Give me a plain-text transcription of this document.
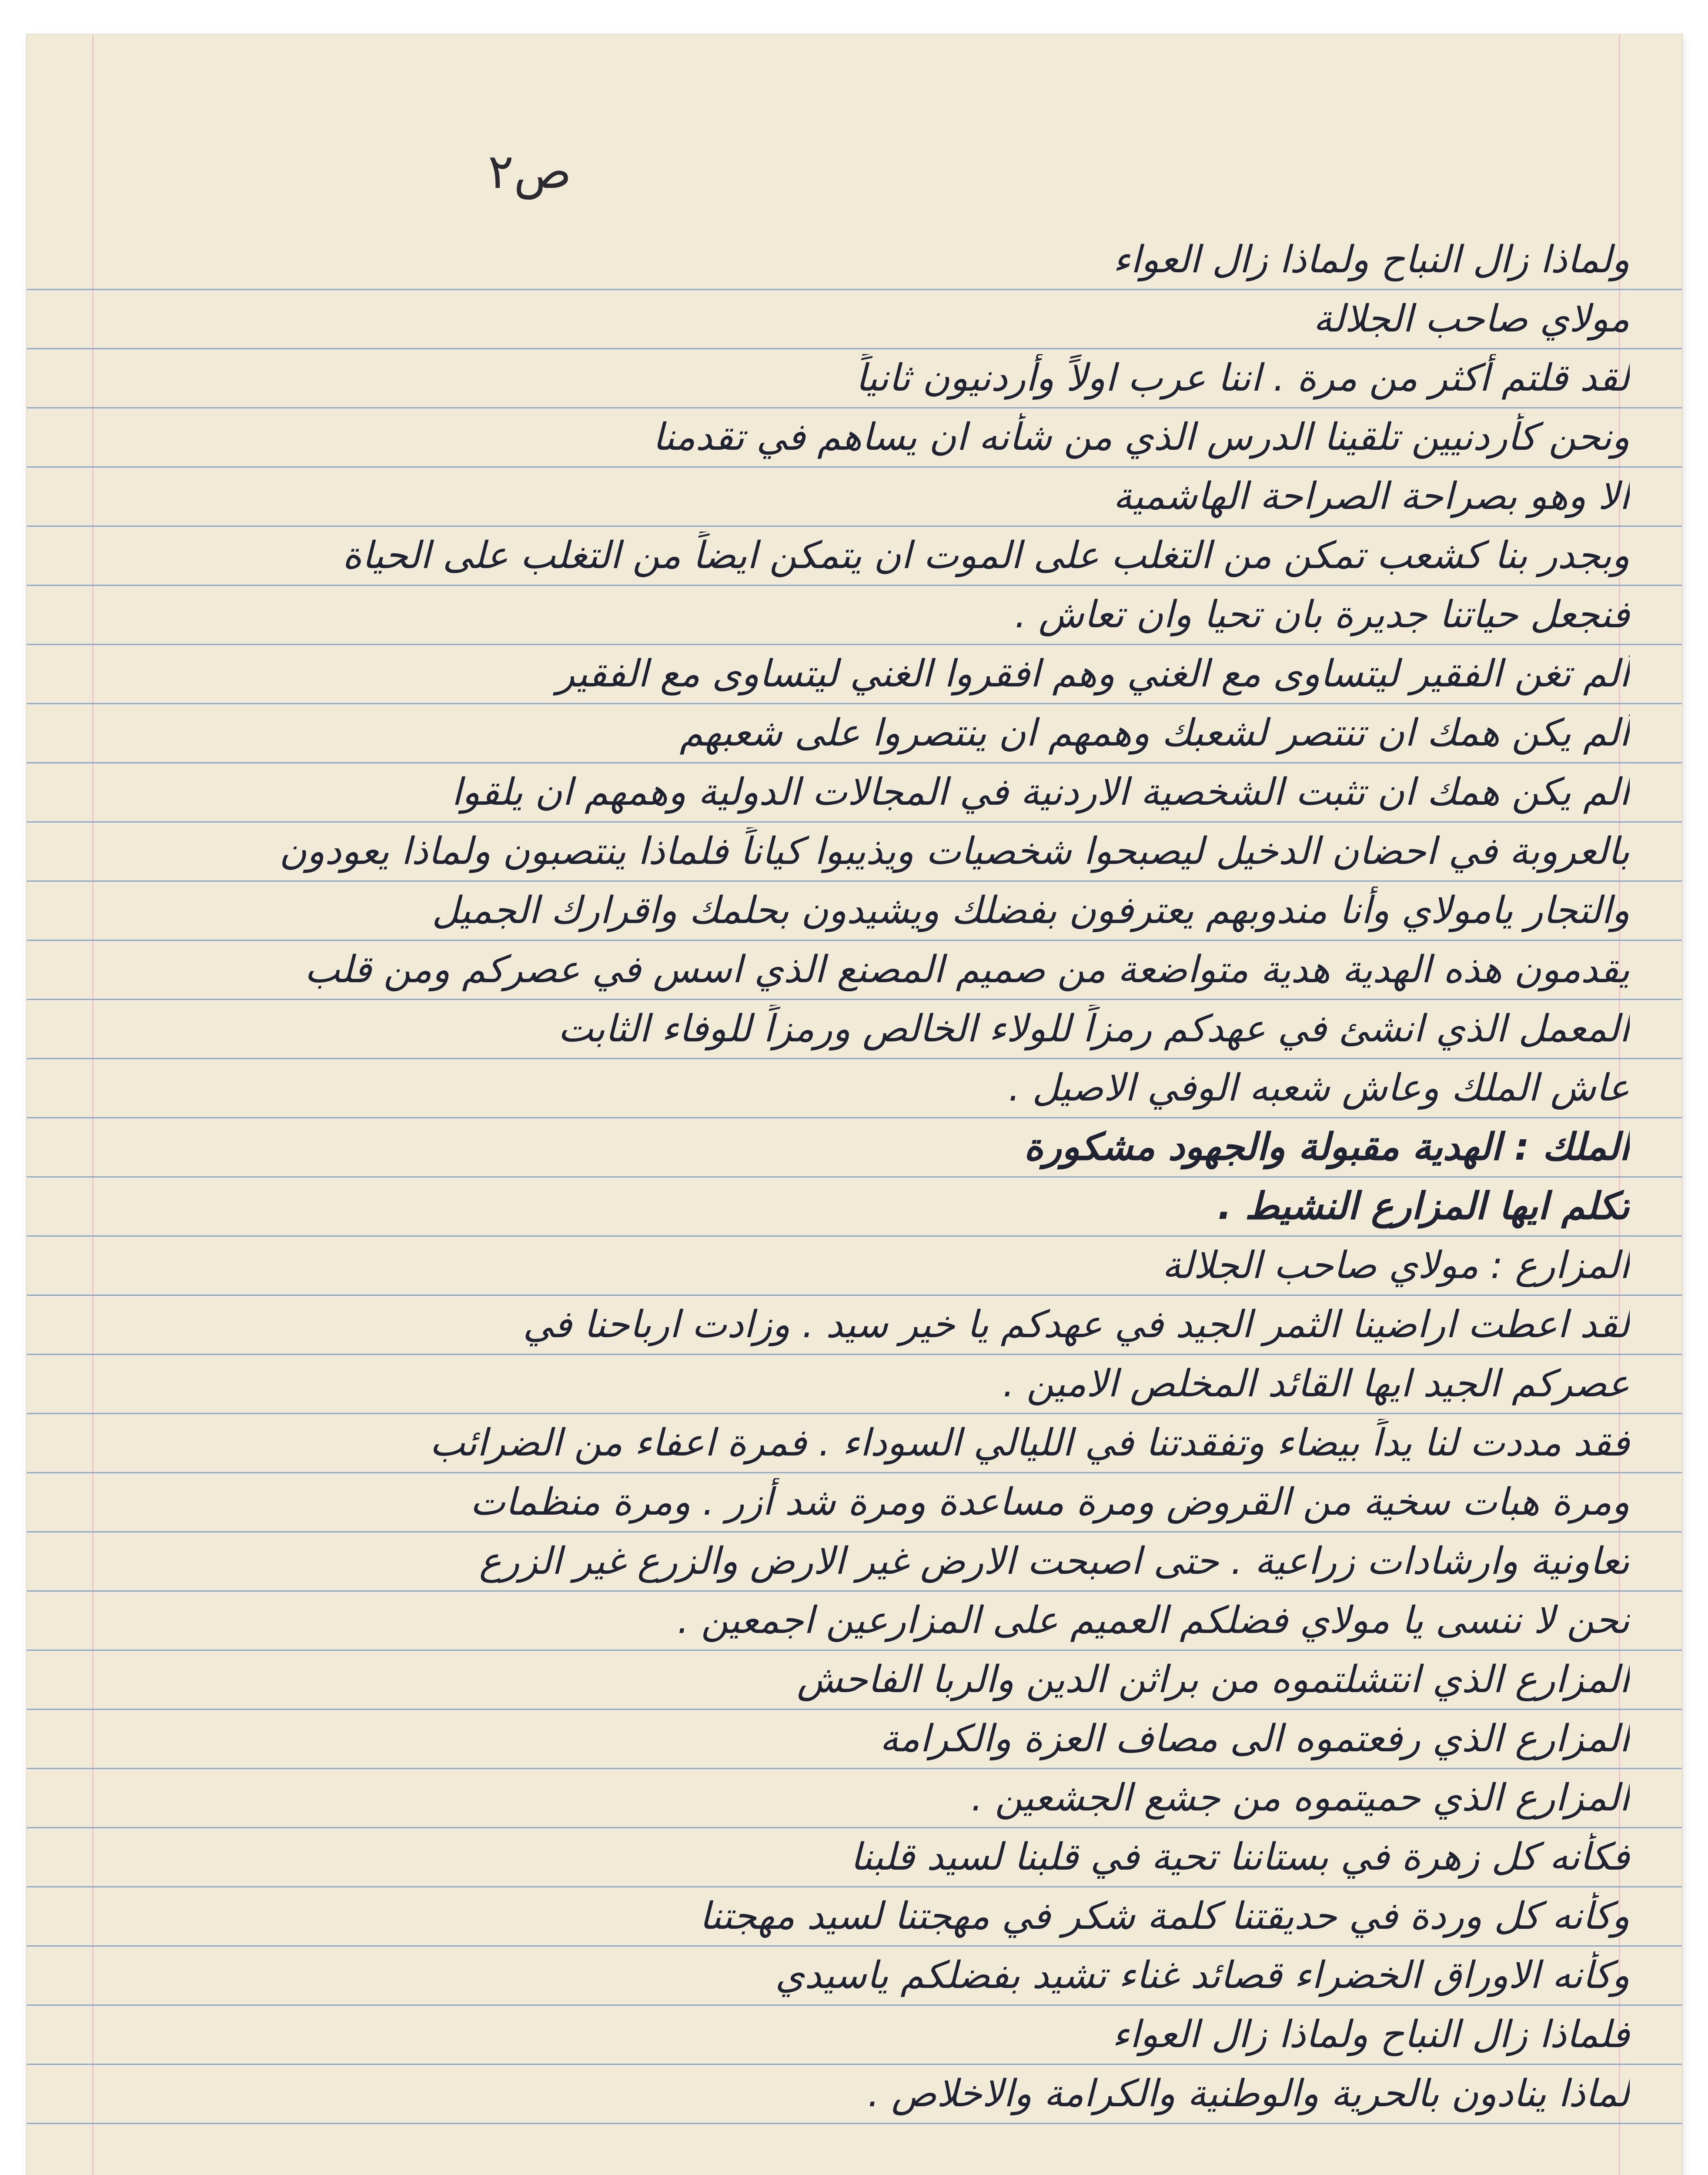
ص٢
ولماذا زال النباح ولماذا زال العواء
مولاي صاحب الجلالة
لقد قلتم أكثر من مرة . اننا عرب اولاً وأردنيون ثانياً
ونحن كأردنيين تلقينا الدرس الذي من شأنه ان يساهم في تقدمنا
الا وهو بصراحة الصراحة الهاشمية
وبجدر بنا كشعب تمكن من التغلب على الموت ان يتمكن ايضاً من التغلب على الحياة
فنجعل حياتنا جديرة بان تحيا وان تعاش .
ألم تغن الفقير ليتساوى مع الغني وهم افقروا الغني ليتساوى مع الفقير
ألم يكن همك ان تنتصر لشعبك وهمهم ان ينتصروا على شعبهم
الم يكن همك ان تثبت الشخصية الاردنية في المجالات الدولية وهمهم ان يلقوا
بالعروبة في احضان الدخيل ليصبحوا شخصيات ويذيبوا كياناً فلماذا ينتصبون ولماذا يعودون
والتجار يامولاي وأنا مندوبهم يعترفون بفضلك ويشيدون بحلمك واقرارك الجميل
يقدمون هذه الهدية هدية متواضعة من صميم المصنع الذي اسس في عصركم ومن قلب
المعمل الذي انشئ في عهدكم رمزاً للولاء الخالص ورمزاً للوفاء الثابت
عاش الملك وعاش شعبه الوفي الاصيل .
الملك : الهدية مقبولة والجهود مشكورة
تكلم ايها المزارع النشيط .
المزارع : مولاي صاحب الجلالة
لقد اعطت اراضينا الثمر الجيد في عهدكم يا خير سيد . وزادت ارباحنا في
عصركم الجيد ايها القائد المخلص الامين .
فقد مددت لنا يداً بيضاء وتفقدتنا في الليالي السوداء . فمرة اعفاء من الضرائب
ومرة هبات سخية من القروض ومرة مساعدة ومرة شد أزر . ومرة منظمات
تعاونية وارشادات زراعية . حتى اصبحت الارض غير الارض والزرع غير الزرع
نحن لا ننسى يا مولاي فضلكم العميم على المزارعين اجمعين .
المزارع الذي انتشلتموه من براثن الدين والربا الفاحش
المزارع الذي رفعتموه الى مصاف العزة والكرامة
المزارع الذي حميتموه من جشع الجشعين .
فكأنه كل زهرة في بستاننا تحية في قلبنا لسيد قلبنا
وكأنه كل وردة في حديقتنا كلمة شكر في مهجتنا لسيد مهجتنا
وكأنه الاوراق الخضراء قصائد غناء تشيد بفضلكم ياسيدي
فلماذا زال النباح ولماذا زال العواء
لماذا ينادون بالحرية والوطنية والكرامة والاخلاص .
